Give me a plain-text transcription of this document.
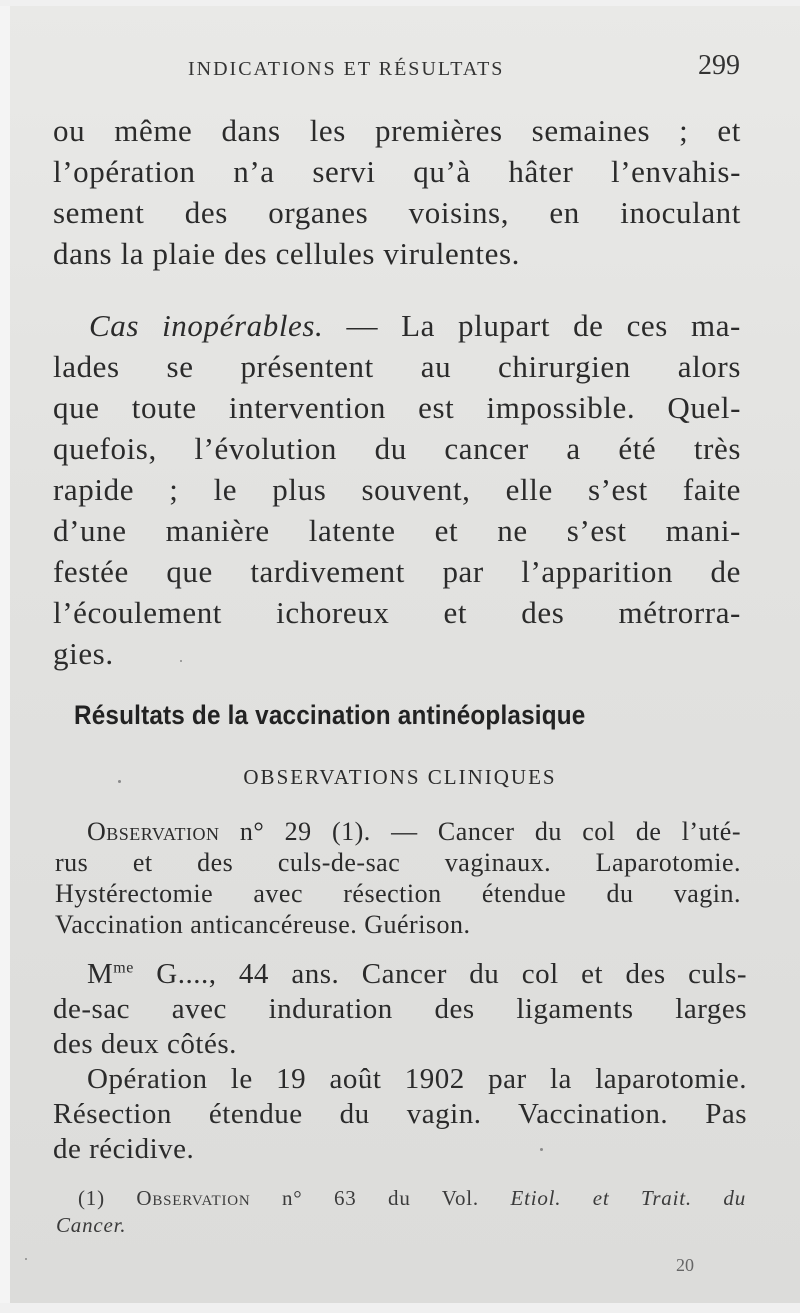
INDICATIONS ET RÉSULTATS	299
ou même dans les premières semaines ; et
l’opération n’a servi qu’à hâter l’envahis-
sement des organes voisins, en inoculant
dans la plaie des cellules virulentes.
Cas inopérables. — La plupart de ces ma-
lades se présentent au chirurgien alors
que toute intervention est impossible. Quel-
quefois, l’évolution du cancer a été très
rapide ; le plus souvent, elle s’est faite
d’une manière latente et ne s’est mani-
festée que tardivement par l’apparition de
l’écoulement ichoreux et des métrorra-
gies.
Résultats de la vaccination antinéoplasique
OBSERVATIONS CLINIQUES
Observation n° 29 (1). — Cancer du col de l’uté-
rus et des culs-de-sac vaginaux. Laparotomie.
Hystérectomie avec résection étendue du vagin.
Vaccination anticancéreuse. Guérison.
$M^{me}$ G...., 44 ans. Cancer du col et des culs-
de-sac avec induration des ligaments larges
des deux côtés.
Opération le 19 août 1902 par la laparotomie.
Résection étendue du vagin. Vaccination. Pas
de récidive.
(1) Observation n° 63 du Vol. Etiol. et Trait. du
Cancer.
20
